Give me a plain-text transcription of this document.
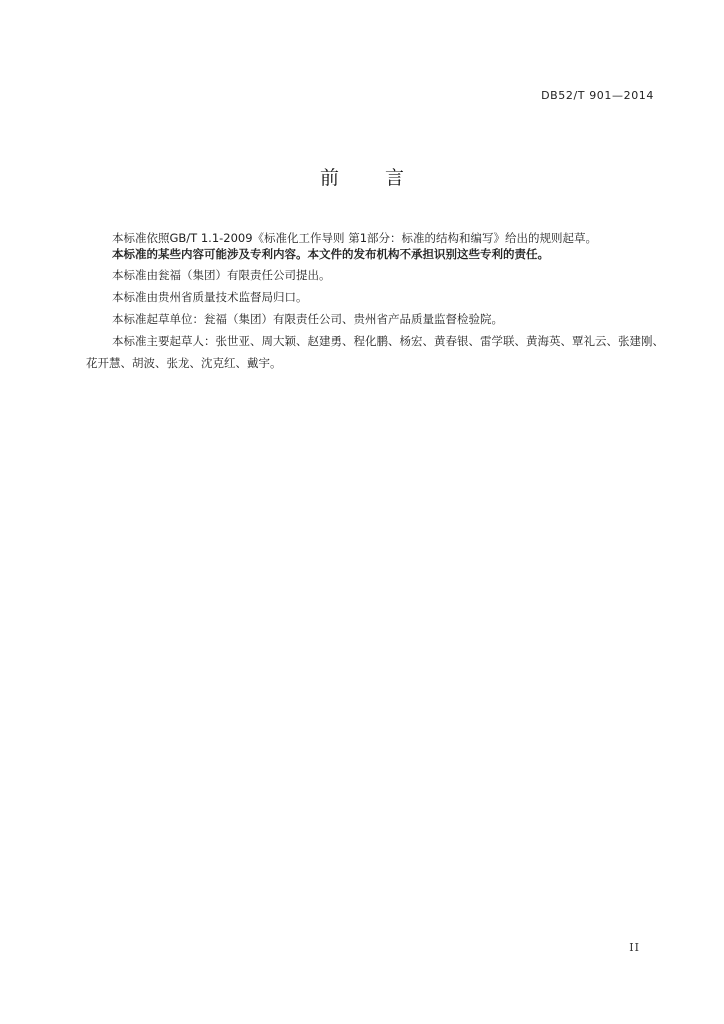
DB52/T 901—2014
前 言

本标准依照GB/T 1.1-2009《标准化工作导则 第1部分：标准的结构和编写》给出的规则起草。

本标准的某些内容可能涉及专利内容。本文件的发布机构不承担识别这些专利的责任。

本标准由瓮福（集团）有限责任公司提出。

本标准由贵州省质量技术监督局归口。

本标准起草单位：瓮福（集团）有限责任公司、贵州省产品质量监督检验院。

本标准主要起草人：张世亚、周大颖、赵建勇、程化鹏、杨宏、黄春银、雷学联、黄海英、覃礼云、张建刚、花开慧、胡波、张龙、沈克红、戴宇。

II
